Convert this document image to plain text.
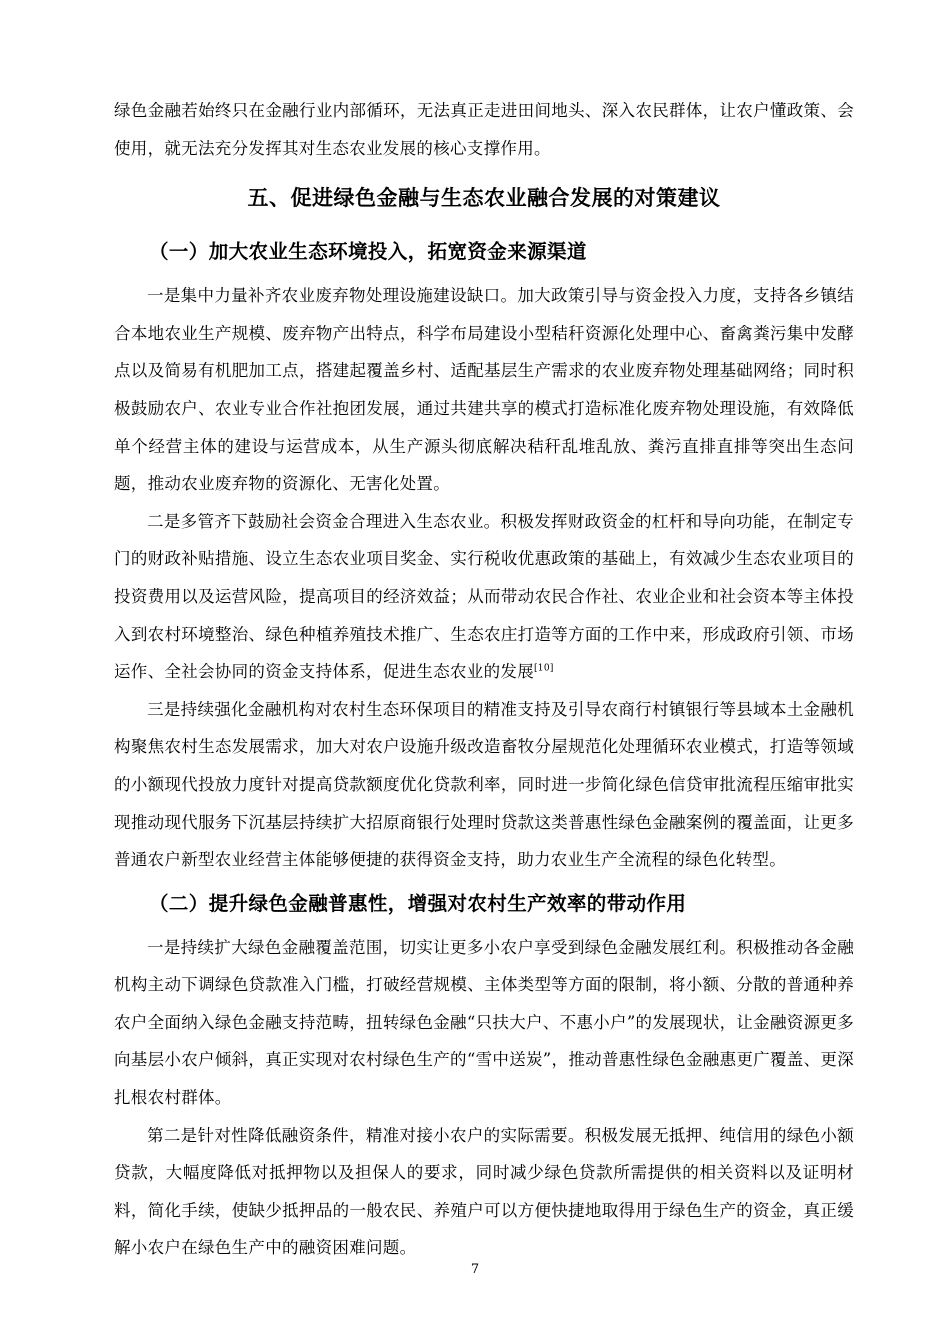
绿色金融若始终只在金融行业内部循环，无法真正走进田间地头、深入农民群体，让农户懂政策、会使用，就无法充分发挥其对生态农业发展的核心支撑作用。

五、促进绿色金融与生态农业融合发展的对策建议
（一）加大农业生态环境投入，拓宽资金来源渠道

一是集中力量补齐农业废弃物处理设施建设缺口。加大政策引导与资金投入力度，支持各乡镇结合本地农业生产规模、废弃物产出特点，科学布局建设小型秸秆资源化处理中心、畜禽粪污集中发酵点以及简易有机肥加工点，搭建起覆盖乡村、适配基层生产需求的农业废弃物处理基础网络；同时积极鼓励农户、农业专业合作社抱团发展，通过共建共享的模式打造标准化废弃物处理设施，有效降低单个经营主体的建设与运营成本，从生产源头彻底解决秸秆乱堆乱放、粪污直排直排等突出生态问题，推动农业废弃物的资源化、无害化处置。

二是多管齐下鼓励社会资金合理进入生态农业。积极发挥财政资金的杠杆和导向功能，在制定专门的财政补贴措施、设立生态农业项目奖金、实行税收优惠政策的基础上，有效减少生态农业项目的投资费用以及运营风险，提高项目的经济效益；从而带动农民合作社、农业企业和社会资本等主体投入到农村环境整治、绿色种植养殖技术推广、生态农庄打造等方面的工作中来，形成政府引领、市场运作、全社会协同的资金支持体系，促进生态农业的发展[10]

三是持续强化金融机构对农村生态环保项目的精准支持及引导农商行村镇银行等县域本土金融机构聚焦农村生态发展需求，加大对农户设施升级改造畜牧分屋规范化处理循环农业模式，打造等领域的小额现代投放力度针对提高贷款额度优化贷款利率，同时进一步简化绿色信贷审批流程压缩审批实现推动现代服务下沉基层持续扩大招原商银行处理时贷款这类普惠性绿色金融案例的覆盖面，让更多普通农户新型农业经营主体能够便捷的获得资金支持，助力农业生产全流程的绿色化转型。

（二）提升绿色金融普惠性，增强对农村生产效率的带动作用

一是持续扩大绿色金融覆盖范围，切实让更多小农户享受到绿色金融发展红利。积极推动各金融机构主动下调绿色贷款准入门槛，打破经营规模、主体类型等方面的限制，将小额、分散的普通种养农户全面纳入绿色金融支持范畴，扭转绿色金融“只扶大户、不惠小户”的发展现状，让金融资源更多向基层小农户倾斜，真正实现对农村绿色生产的“雪中送炭”，推动普惠性绿色金融惠更广覆盖、更深扎根农村群体。

第二是针对性降低融资条件，精准对接小农户的实际需要。积极发展无抵押、纯信用的绿色小额贷款，大幅度降低对抵押物以及担保人的要求，同时减少绿色贷款所需提供的相关资料以及证明材料，简化手续，使缺少抵押品的一般农民、养殖户可以方便快捷地取得用于绿色生产的资金，真正缓解小农户在绿色生产中的融资困难问题。

7
